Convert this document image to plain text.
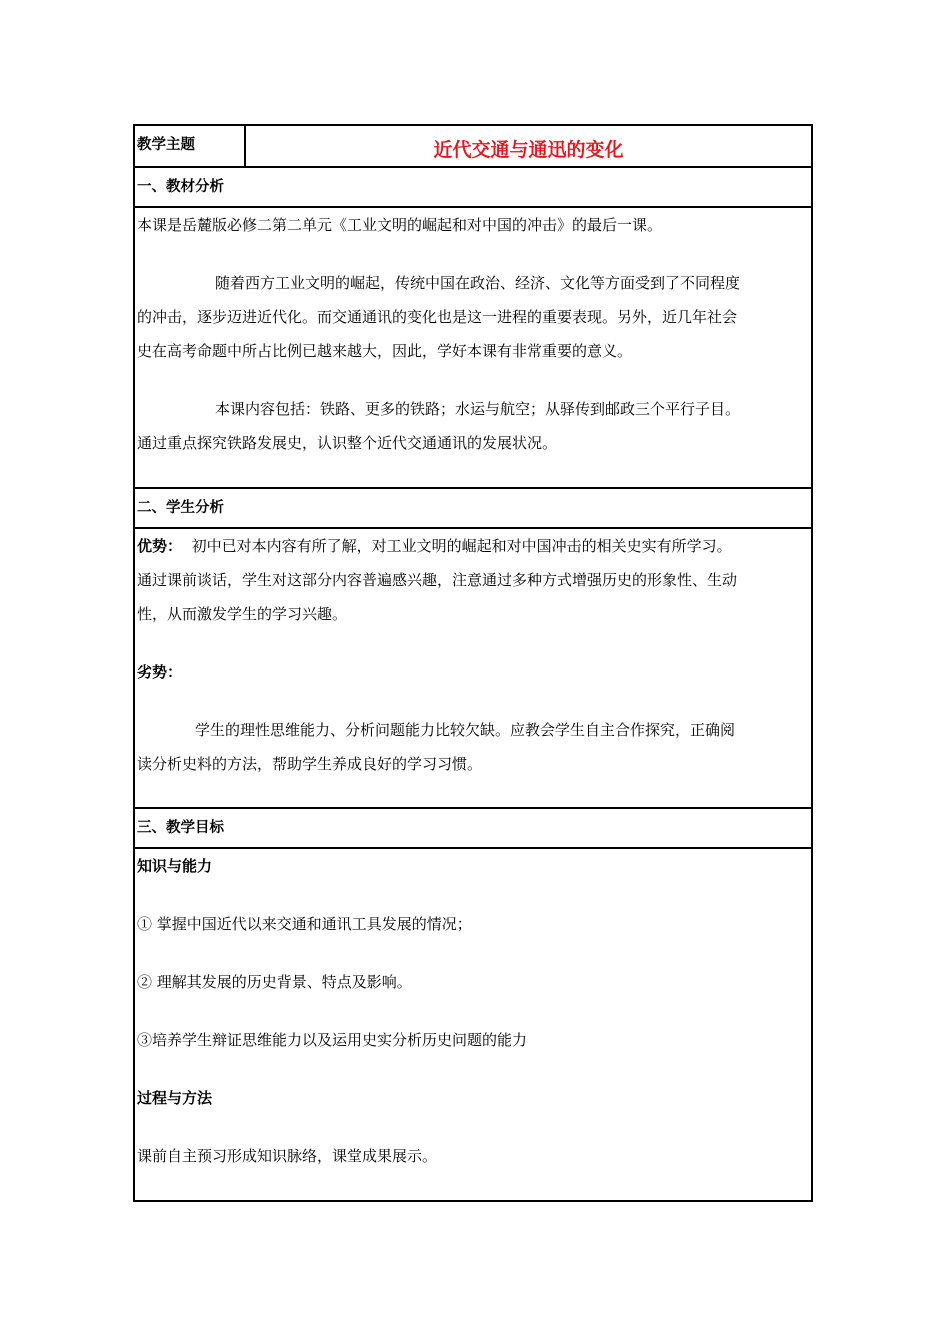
教学主题	近代交通与通迅的变化
一、教材分析

本课是岳麓版必修二第二单元《工业文明的崛起和对中国的冲击》的最后一课。

随着西方工业文明的崛起，传统中国在政治、经济、文化等方面受到了不同程度

的冲击，逐步迈进近代化。而交通通讯的变化也是这一进程的重要表现。另外，近几年社会

史在高考命题中所占比例已越来越大，因此，学好本课有非常重要的意义。

本课内容包括：铁路、更多的铁路；水运与航空；从驿传到邮政三个平行子目。

通过重点探究铁路发展史，认识整个近代交通通讯的发展状况。

二、学生分析

优势： 初中已对本内容有所了解，对工业文明的崛起和对中国冲击的相关史实有所学习。

通过课前谈话，学生对这部分内容普遍感兴趣，注意通过多种方式增强历史的形象性、生动

性，从而激发学生的学习兴趣。

劣势：

学生的理性思维能力、分析问题能力比较欠缺。应教会学生自主合作探究，正确阅

读分析史料的方法，帮助学生养成良好的学习习惯。

三、教学目标

知识与能力

① 掌握中国近代以来交通和通讯工具发展的情况；

② 理解其发展的历史背景、特点及影响。

③培养学生辩证思维能力以及运用史实分析历史问题的能力

过程与方法

课前自主预习形成知识脉络，课堂成果展示。
